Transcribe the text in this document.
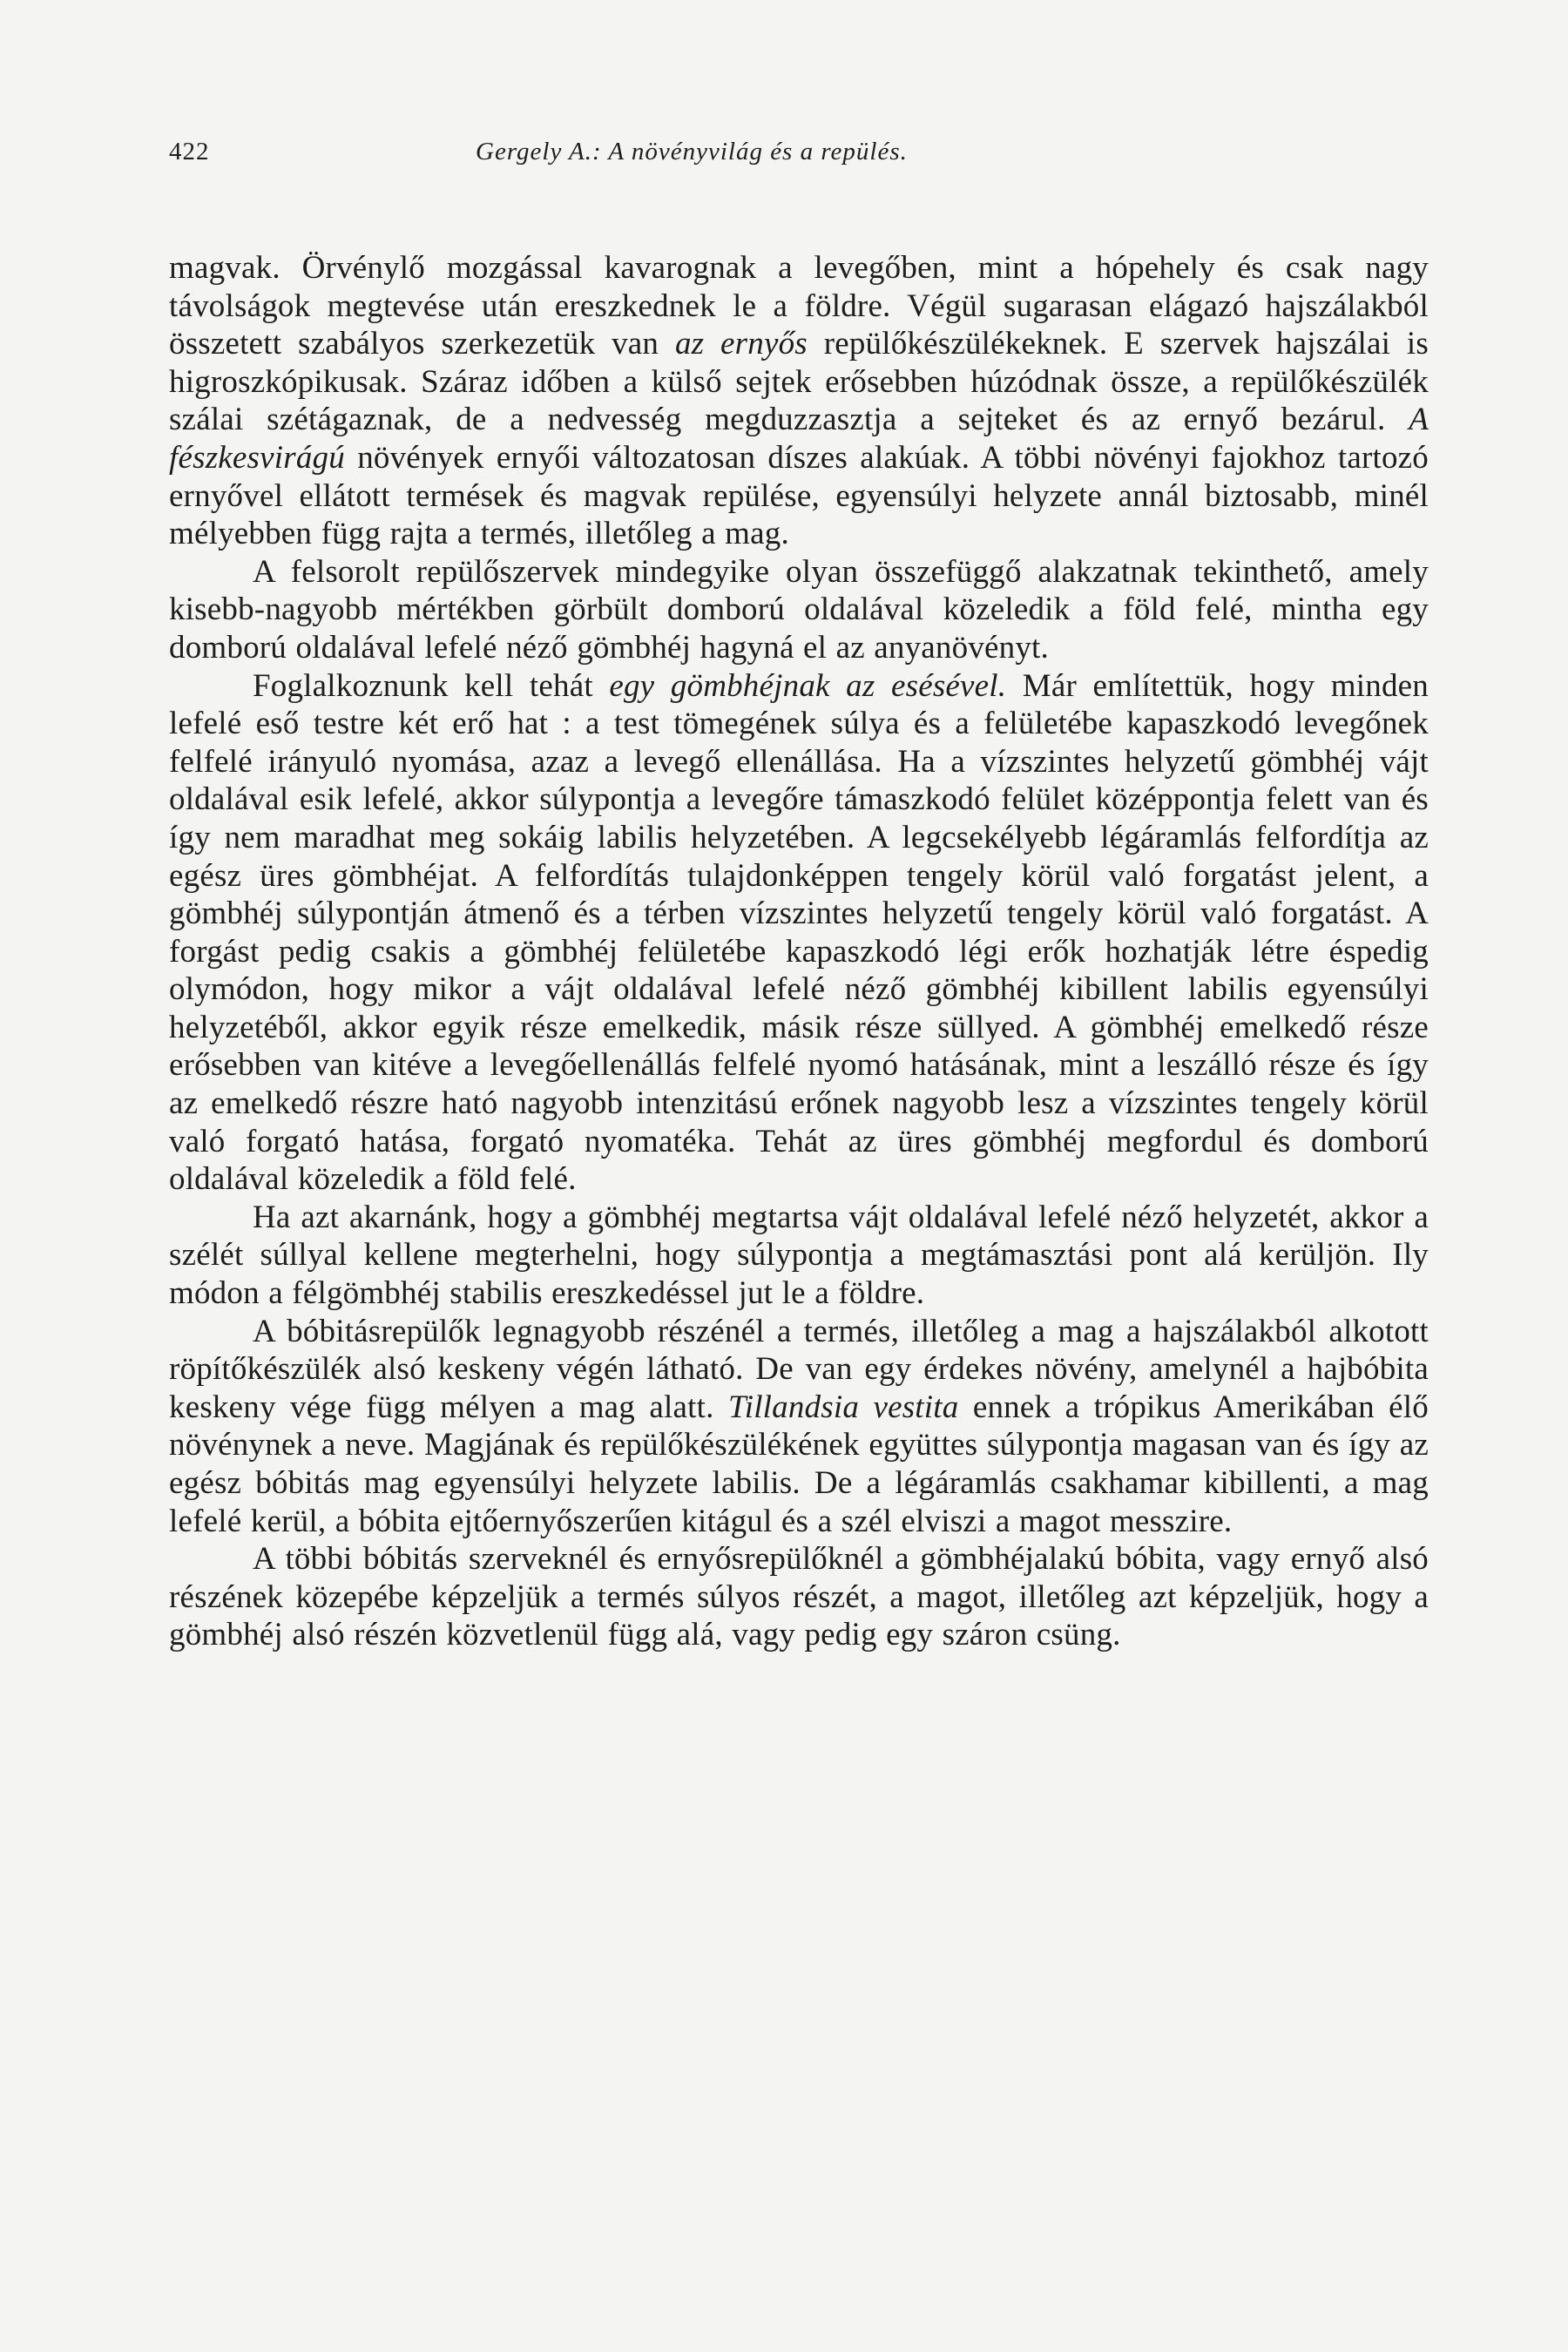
422	Gergely A.: A növényvilág és a repülés.

magvak. Örvénylő mozgással kavarognak a levegőben, mint a hópehely és csak nagy távolságok megtevése után ereszkednek le a földre. Végül sugarasan elágazó hajszálakból összetett szabályos szerkezetük van az ernyős repülőkészülékeknek. E szervek hajszálai is higroszkópikusak. Száraz időben a külső sejtek erősebben húzódnak össze, a repülőkészülék szálai szétágaznak, de a nedvesség megduzzasztja a sejteket és az ernyő bezárul. A fészkesvirágú növények ernyői változatosan díszes alakúak. A többi növényi fajokhoz tartozó ernyővel ellátott termések és magvak repülése, egyensúlyi helyzete annál biztosabb, minél mélyebben függ rajta a termés, illetőleg a mag.

A felsorolt repülőszervek mindegyike olyan összefüggő alakzatnak tekinthető, amely kisebb-nagyobb mértékben görbült domború oldalával közeledik a föld felé, mintha egy domború oldalával lefelé néző gömbhéj hagyná el az anyanövényt.

Foglalkoznunk kell tehát egy gömbhéjnak az esésével. Már említettük, hogy minden lefelé eső testre két erő hat : a test tömegének súlya és a felületébe kapaszkodó levegőnek felfelé irányuló nyomása, azaz a levegő ellenállása. Ha a vízszintes helyzetű gömbhéj vájt oldalával esik lefelé, akkor súlypontja a levegőre támaszkodó felület középpontja felett van és így nem maradhat meg sokáig labilis helyzetében. A legcsekélyebb légáramlás felfordítja az egész üres gömbhéjat. A felfordítás tulajdonképpen tengely körül való forgatást jelent, a gömbhéj súlypontján átmenő és a térben vízszintes helyzetű tengely körül való forgatást. A forgást pedig csakis a gömbhéj felületébe kapaszkodó légi erők hozhatják létre éspedig olymódon, hogy mikor a vájt oldalával lefelé néző gömbhéj kibillent labilis egyensúlyi helyzetéből, akkor egyik része emelkedik, másik része süllyed. A gömbhéj emelkedő része erősebben van kitéve a levegőellenállás felfelé nyomó hatásának, mint a leszálló része és így az emelkedő részre ható nagyobb intenzitású erőnek nagyobb lesz a vízszintes tengely körül való forgató hatása, forgató nyomatéka. Tehát az üres gömbhéj megfordul és domború oldalával közeledik a föld felé.

Ha azt akarnánk, hogy a gömbhéj megtartsa vájt oldalával lefelé néző helyzetét, akkor a szélét súllyal kellene megterhelni, hogy súlypontja a megtámasztási pont alá kerüljön. Ily módon a félgömbhéj stabilis ereszkedéssel jut le a földre.

A bóbitásrepülők legnagyobb részénél a termés, illetőleg a mag a hajszálakból alkotott röpítőkészülék alsó keskeny végén látható. De van egy érdekes növény, amelynél a hajbóbita keskeny vége függ mélyen a mag alatt. Tillandsia vestita ennek a trópikus Amerikában élő növénynek a neve. Magjának és repülőkészülékének együttes súlypontja magasan van és így az egész bóbitás mag egyensúlyi helyzete labilis. De a légáramlás csakhamar kibillenti, a mag lefelé kerül, a bóbita ejtőernyőszerűen kitágul és a szél elviszi a magot messzire.

A többi bóbitás szerveknél és ernyősrepülőknél a gömbhéjalakú bóbita, vagy ernyő alsó részének közepébe képzeljük a termés súlyos részét, a magot, illetőleg azt képzeljük, hogy a gömbhéj alsó részén közvetlenül függ alá, vagy pedig egy száron csüng.
